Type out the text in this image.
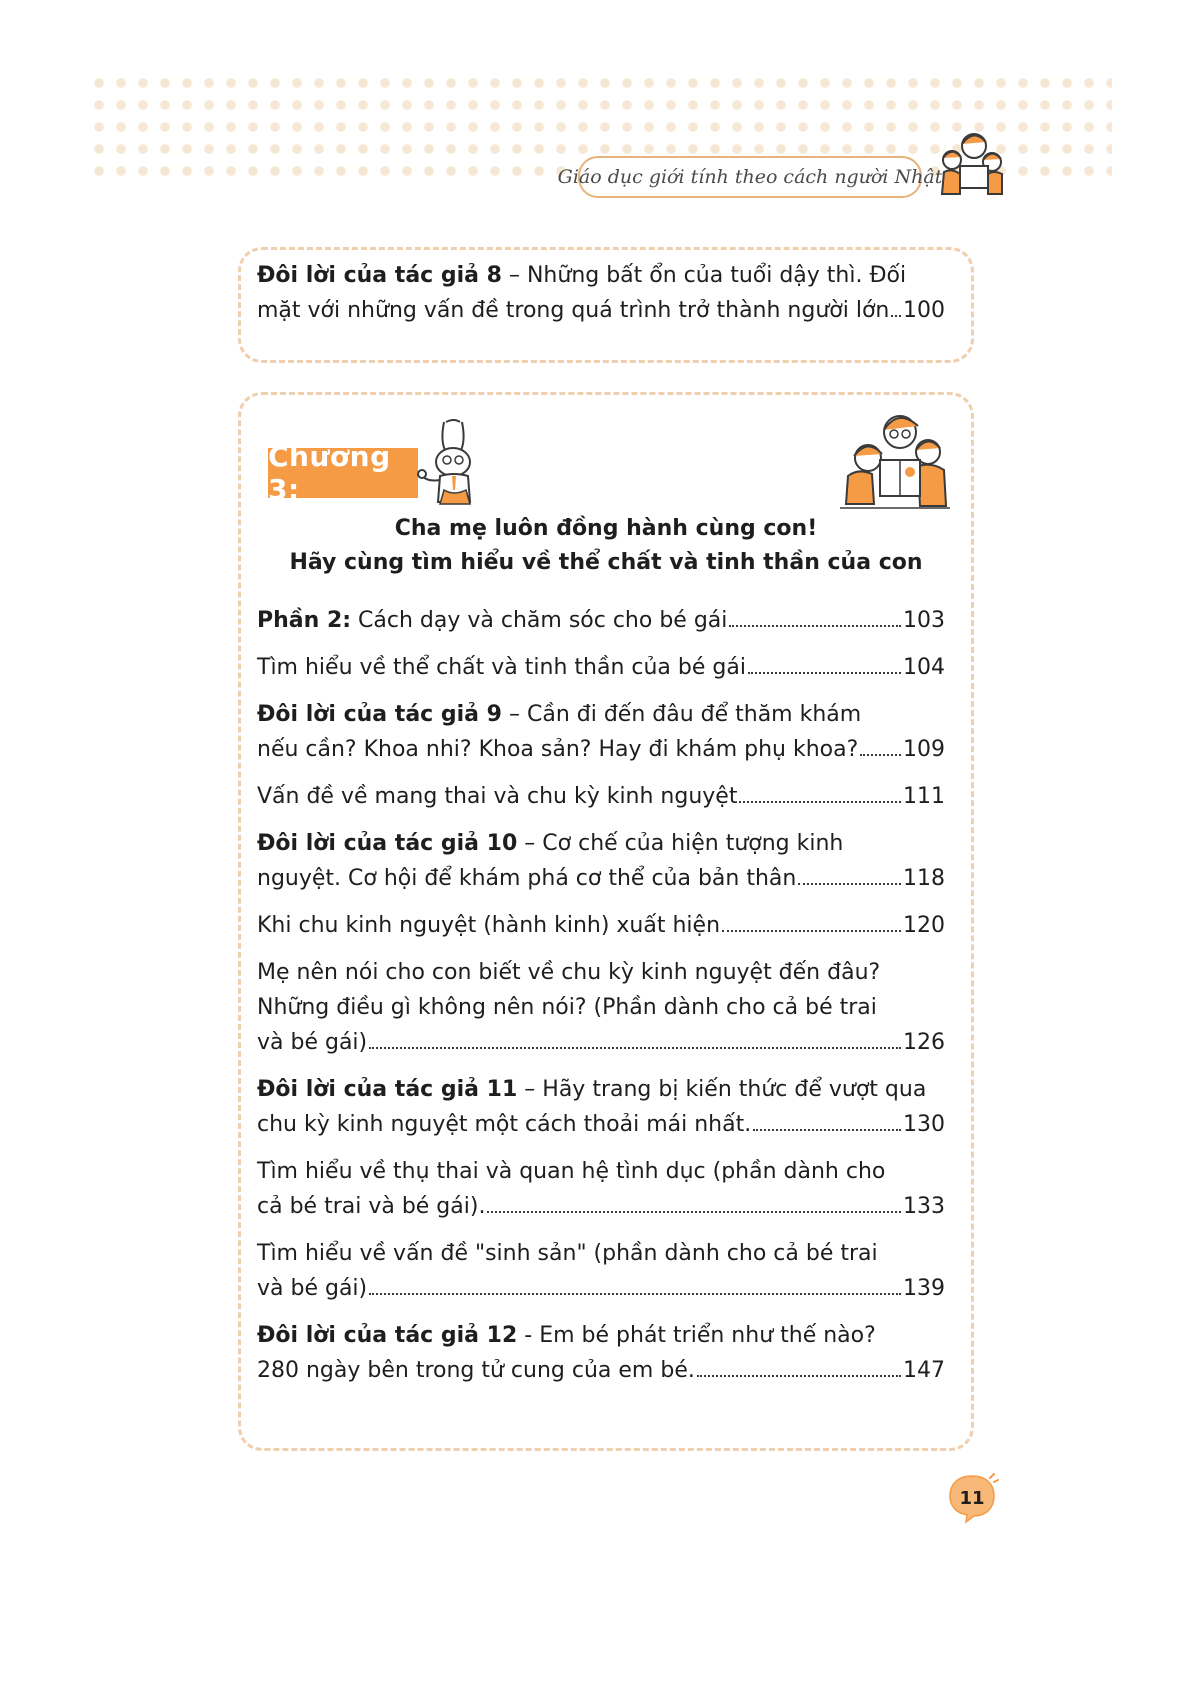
Giáo dục giới tính theo cách người Nhật
Đôi lời của tác giả 8 – Những bất ổn của tuổi dậy thì. Đối
mặt với những vấn đề trong quá trình trở thành người lớn 100
Chương 3:
Cha mẹ luôn đồng hành cùng con!
Hãy cùng tìm hiểu về thể chất và tinh thần của con
Phần 2: Cách dạy và chăm sóc cho bé gái	103
Tìm hiểu về thể chất và tinh thần của bé gái	104
Đôi lời của tác giả 9 – Cần đi đến đâu để thăm khám
nếu cần? Khoa nhi? Khoa sản? Hay đi khám phụ khoa? 109
Vấn đề về mang thai và chu kỳ kinh nguyệt	111
Đôi lời của tác giả 10 – Cơ chế của hiện tượng kinh
nguyệt. Cơ hội để khám phá cơ thể của bản thân	118
Khi chu kinh nguyệt (hành kinh) xuất hiện	120
Mẹ nên nói cho con biết về chu kỳ kinh nguyệt đến đâu?
Những điều gì không nên nói? (Phần dành cho cả bé trai
và bé gái)	126
Đôi lời của tác giả 11 – Hãy trang bị kiến thức để vượt qua
chu kỳ kinh nguyệt một cách thoải mái nhất.	130
Tìm hiểu về thụ thai và quan hệ tình dục (phần dành cho
cả bé trai và bé gái).	133
Tìm hiểu về vấn đề "sinh sản" (phần dành cho cả bé trai
và bé gái)	139
Đôi lời của tác giả 12 - Em bé phát triển như thế nào?
280 ngày bên trong tử cung của em bé.	147
11
